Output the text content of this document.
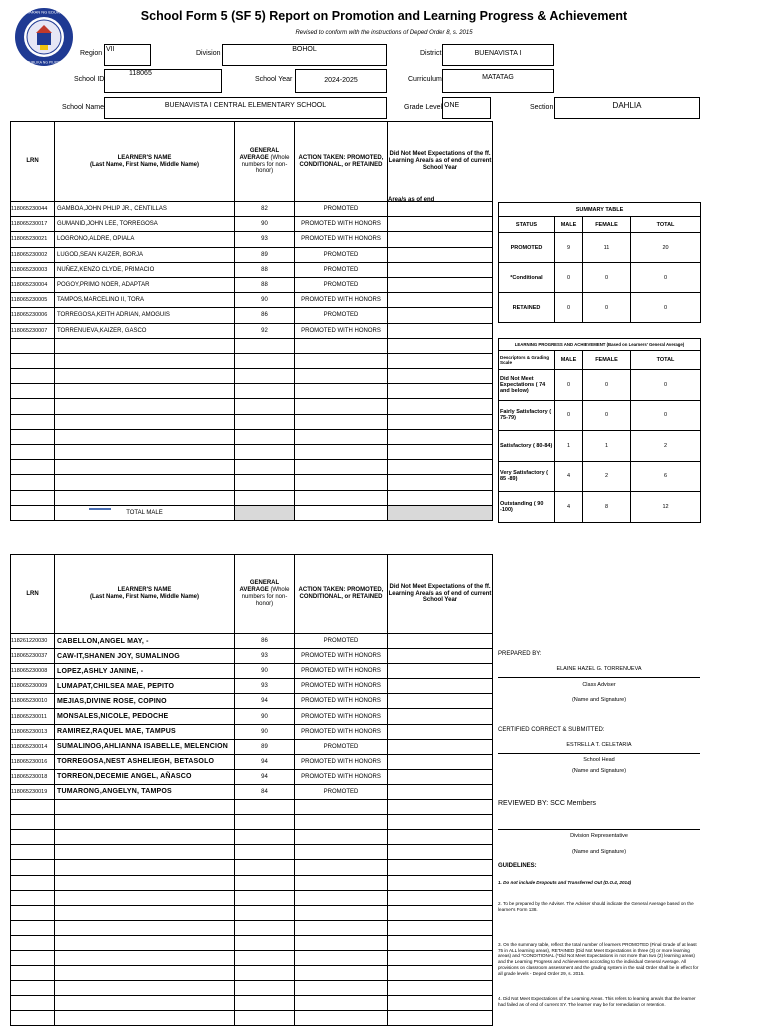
KAGAWARAN NG EDUKASYON
REPUBLIKA NG PILIPINAS
School Form 5 (SF 5) Report on Promotion and Learning Progress & Achievement
Revised to conform with the instructions of Deped Order 8, s. 2015
Region
VII
Division
BOHOL
District	BUENAVISTA I
School ID
118065
School Year	2024-2025	Curriculum	MATATAG
School Name	BUENAVISTA I CENTRAL ELEMENTARY SCHOOL	Grade Level ONE	Section	DAHLIA
LRN	LEARNER'S NAME
(Last Name, First Name, Middle Name)	GENERAL AVERAGE (Whole numbers for non-honor)	ACTION TAKEN: PROMOTED, CONDITIONAL, or RETAINED	Did Not Meet Expectations of the ff. Learning Area/s as of end of current School Year
118065230044	GAMBOA,JOHN PHLIP JR., CENTILLAS	82	PROMOTED	
118065230017	GUMANID,JOHN LEE, TORREGOSA	90	PROMOTED WITH HONORS	
118065230021	LOGRONO,ALDRE, OPIALA	93	PROMOTED WITH HONORS	
118065230002	LUGOD,SEAN KAIZER, BORJA	89	PROMOTED	
118065230003	NUÑEZ,KENZO CLYDE, PRIMACIO	88	PROMOTED	
118065230004	POGOY,PRIMO NOER, ADAPTAR	88	PROMOTED	
118065230005	TAMPOS,MARCELINO II, TORA	90	PROMOTED WITH HONORS	
118065230006	TORREGOSA,KEITH ADRIAN, AMOGUIS	86	PROMOTED	
118065230007	TORRENUEVA,KAIZER, GASCO	92	PROMOTED WITH HONORS	

TOTAL MALE			
Area/s as of end
LRN	LEARNER'S NAME
(Last Name, First Name, Middle Name)	GENERAL AVERAGE (Whole numbers for non-honor)	ACTION TAKEN: PROMOTED, CONDITIONAL, or RETAINED	Did Not Meet Expectations of the ff. Learning Area/s as of end of current School Year
118261220030	CABELLON,ANGEL MAY, -	86	PROMOTED	
118065230037	CAW-IT,SHANEN JOY, SUMALINOG	93	PROMOTED WITH HONORS	
118065230008	LOPEZ,ASHLY JANINE, -	90	PROMOTED WITH HONORS	
118065230009	LUMAPAT,CHILSEA MAE, PEPITO	93	PROMOTED WITH HONORS	
118065230010	MEJIAS,DIVINE ROSE, COPINO	94	PROMOTED WITH HONORS	
118065230011	MONSALES,NICOLE, PEDOCHE	90	PROMOTED WITH HONORS	
118065230013	RAMIREZ,RAQUEL MAE, TAMPUS	90	PROMOTED WITH HONORS	
118065230014	SUMALINOG,AHLIANNA ISABELLE, MELENCION	89	PROMOTED	
118065230016	TORREGOSA,NEST ASHELIEGH, BETASOLO	94	PROMOTED WITH HONORS	
118065230018	TORREON,DECEMIE ANGEL, AÑASCO	94	PROMOTED WITH HONORS	
118065230019	TUMARONG,ANGELYN, TAMPOS	84	PROMOTED	

SUMMARY TABLE			
STATUS	MALE	FEMALE	TOTAL
PROMOTED	9	11	20
*Conditional	0	0	0
RETAINED	0	0	0
LEARNING PROGRESS AND ACHIEVEMENT (Based on Learners' General Average)			
Descriptors & Grading Scale	MALE	FEMALE	TOTAL
Did Not Meet Expectations ( 74 and below)	0	0	0
Fairly Satisfactory ( 75-79)	0	0	0
Satisfactory ( 80-84)	1	1	2
Very Satisfactory ( 85 -89)	4	2	6
Outstanding ( 90 -100)	4	8	12
PREPARED BY:
ELAINE HAZEL G. TORRENUEVA
Class Adviser
(Name and Signature)
CERTIFIED CORRECT & SUBMITTED:
ESTRELLA T. CELETARIA
School Head
(Name and Signature)
REVIEWED BY: SCC Members
Division Representative
(Name and Signature)
GUIDELINES:
1. Do not include Dropouts and Transferred Out (D.O.4, 2014)
2. To be prepared by the Adviser. The Adviser should indicate the General Average based on the learner's Form 138.
3. On the summary table, reflect the total number of learners PROMOTED (Final Grade of at least 75 in ALL learning areas), RETAINED (Did Not Meet Expectations in three (3) or more learning areas) and *CONDITIONAL (*Did Not Meet Expectations in not more than two (2) learning areas) and the Learning Progress and Achievement according to the individual General Average. All provisions on classroom assessment and the grading system in the said Order shall be in effect for all grade levels - Deped Order 29, s. 2015.
4. Did Not Meet Expectations of the Learning Areas. This refers to learning area/s that the learner had failed as of end of current SY. The learner may be for remediation or retention.
